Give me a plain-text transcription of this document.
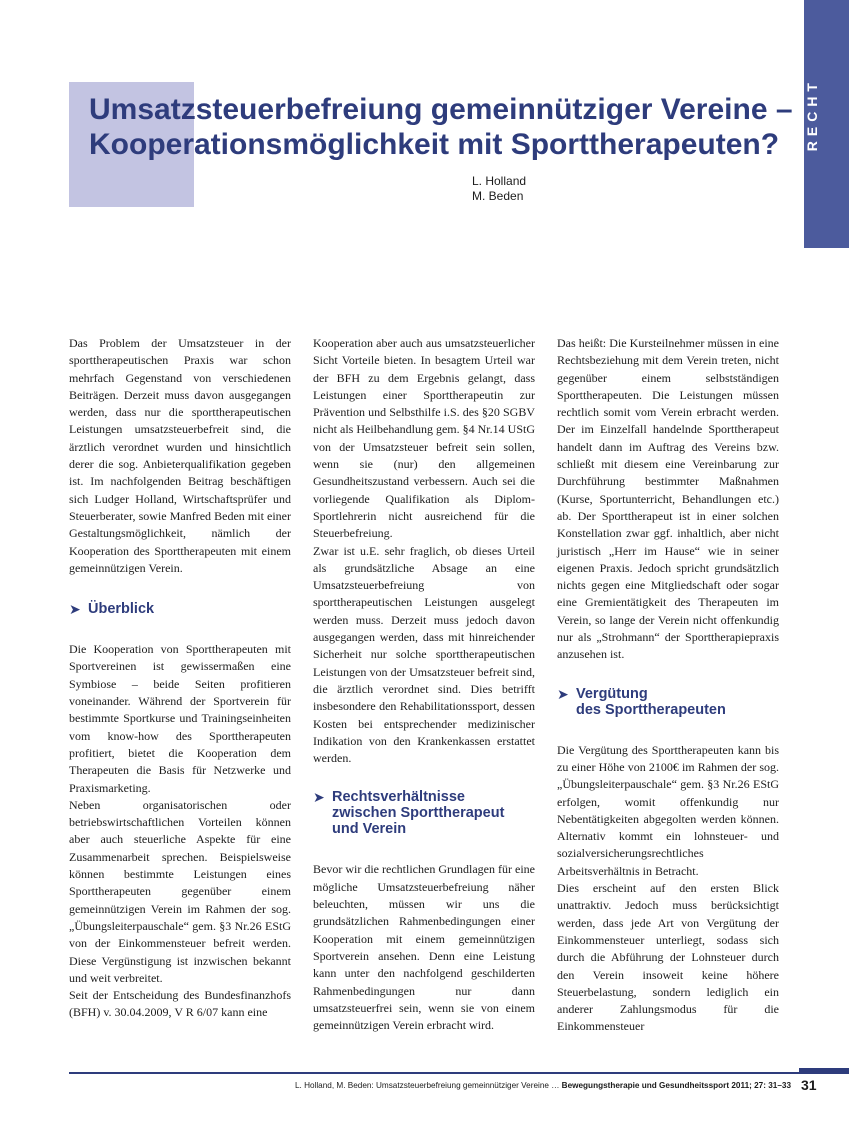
RECHT
Umsatzsteuerbefreiung gemeinnütziger Vereine –
Kooperationsmöglichkeit mit Sporttherapeuten?
L. Holland
M. Beden

Das Problem der Umsatzsteuer in der sporttherapeutischen Praxis war schon mehrfach Gegenstand von verschiedenen Beiträgen. Derzeit muss davon ausgegangen werden, dass nur die sporttherapeutischen Leistungen umsatzsteuerbefreit sind, die ärztlich verordnet wurden und hinsichtlich derer die sog. Anbieterqualifikation gegeben ist. Im nachfolgenden Beitrag beschäftigen sich Ludger Holland, Wirtschaftsprüfer und Steuerberater, sowie Manfred Beden mit einer Gestaltungsmöglichkeit, nämlich der Kooperation des Sporttherapeuten mit einem gemeinnützigen Verein.

➤ Überblick

Die Kooperation von Sporttherapeuten mit Sportvereinen ist gewissermaßen eine Symbiose – beide Seiten profitieren voneinander. Während der Sportverein für bestimmte Sportkurse und Trainingseinheiten vom know-how des Sporttherapeuten profitiert, bietet die Kooperation dem Therapeuten die Basis für Netzwerke und Praxismarketing.

Neben organisatorischen oder betriebswirtschaftlichen Vorteilen können aber auch steuerliche Aspekte für eine Zusammenarbeit sprechen. Beispielsweise können bestimmte Leistungen eines Sporttherapeuten gegenüber einem gemeinnützigen Verein im Rahmen der sog. „Übungsleiterpauschale“ gem. §3 Nr.26 EStG von der Einkommensteuer befreit werden. Diese Vergünstigung ist inzwischen bekannt und weit verbreitet.

Seit der Entscheidung des Bundesfinanzhofs (BFH) v. 30.04.2009, V R 6/07 kann eine

Kooperation aber auch aus umsatzsteuerlicher Sicht Vorteile bieten. In besagtem Urteil war der BFH zu dem Ergebnis gelangt, dass Leistungen einer Sporttherapeutin zur Prävention und Selbsthilfe i.S. des §20 SGBV nicht als Heilbehandlung gem. §4 Nr.14 UStG von der Umsatzsteuer befreit sein sollen, wenn sie (nur) den allgemeinen Gesundheitszustand verbessern. Auch sei die vorliegende Qualifikation als Diplom-Sportlehrerin nicht ausreichend für die Steuerbefreiung.

Zwar ist u.E. sehr fraglich, ob dieses Urteil als grundsätzliche Absage an eine Umsatzsteuerbefreiung von sporttherapeutischen Leistungen ausgelegt werden muss. Derzeit muss jedoch davon ausgegangen werden, dass mit hinreichender Sicherheit nur solche sporttherapeutischen Leistungen von der Umsatzsteuer befreit sind, die ärztlich verordnet sind. Dies betrifft insbesondere den Rehabilitationssport, dessen Kosten bei entsprechender medizinischer Indikation von den Krankenkassen erstattet werden.

➤ Rechtsverhältnisse
zwischen Sporttherapeut
und Verein

Bevor wir die rechtlichen Grundlagen für eine mögliche Umsatzsteuerbefreiung näher beleuchten, müssen wir uns die grundsätzlichen Rahmenbedingungen einer Kooperation mit einem gemeinnützigen Sportverein ansehen. Denn eine Leistung kann unter den nachfolgend geschilderten Rahmenbedingungen nur dann umsatzsteuerfrei sein, wenn sie von einem gemeinnützigen Verein erbracht wird.

Das heißt: Die Kursteilnehmer müssen in eine Rechtsbeziehung mit dem Verein treten, nicht gegenüber einem selbstständigen Sporttherapeuten. Die Leistungen müssen rechtlich somit vom Verein erbracht werden. Der im Einzelfall handelnde Sporttherapeut handelt dann im Auftrag des Vereins bzw. schließt mit diesem eine Vereinbarung zur Durchführung bestimmter Maßnahmen (Kurse, Sportunterricht, Behandlungen etc.) ab. Der Sporttherapeut ist in einer solchen Konstellation zwar ggf. inhaltlich, aber nicht juristisch „Herr im Hause“ wie in seiner eigenen Praxis. Jedoch spricht grundsätzlich nichts gegen eine Mitgliedschaft oder sogar eine Gremientätigkeit des Therapeuten im Verein, so lange der Verein nicht offenkundig nur als „Strohmann“ der Sporttherapiepraxis anzusehen ist.

➤ Vergütung
des Sporttherapeuten

Die Vergütung des Sporttherapeuten kann bis zu einer Höhe von 2100€ im Rahmen der sog. „Übungsleiterpauschale“ gem. §3 Nr.26 EStG erfolgen, womit offenkundig nur Nebentätigkeiten abgegolten werden können. Alternativ kommt ein lohnsteuer- und sozialversicherungsrechtliches Arbeitsverhältnis in Betracht.

Dies erscheint auf den ersten Blick unattraktiv. Jedoch muss berücksichtigt werden, dass jede Art von Vergütung der Einkommensteuer unterliegt, sodass sich durch die Abführung der Lohnsteuer durch den Verein insoweit keine höhere Steuerbelastung, sondern lediglich ein anderer Zahlungsmodus für die Einkommensteuer

L. Holland, M. Beden: Umsatzsteuerbefreiung gemeinnütziger Vereine … Bewegungstherapie und Gesundheitssport 2011; 27: 31–33 31
